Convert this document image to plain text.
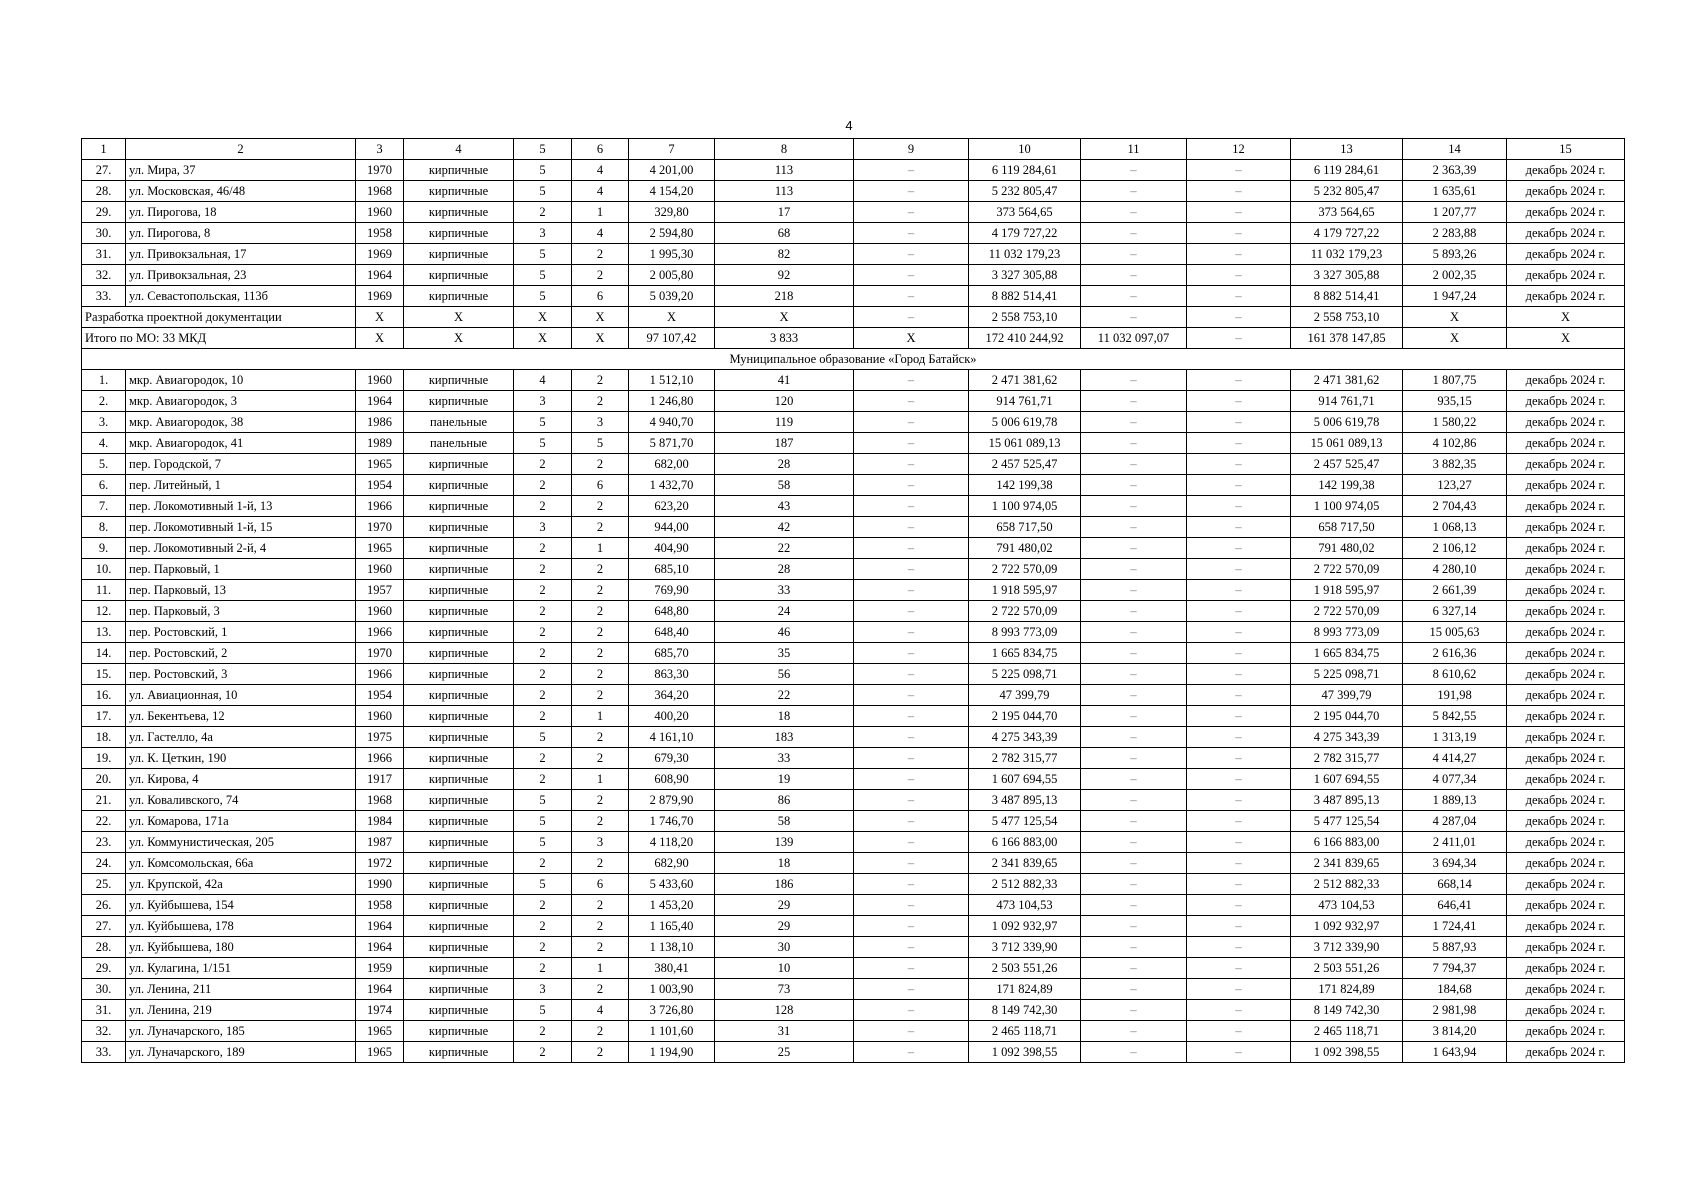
4
1	2	3	4	5	6	7	8	9	10	11	12	13	14	15
27.	ул. Мира, 37	1970	кирпичные	5	4	4 201,00	113	–	6 119 284,61	–	–	6 119 284,61	2 363,39	декабрь 2024 г.
28.	ул. Московская, 46/48	1968	кирпичные	5	4	4 154,20	113	–	5 232 805,47	–	–	5 232 805,47	1 635,61	декабрь 2024 г.
29.	ул. Пирогова, 18	1960	кирпичные	2	1	329,80	17	–	373 564,65	–	–	373 564,65	1 207,77	декабрь 2024 г.
30.	ул. Пирогова, 8	1958	кирпичные	3	4	2 594,80	68	–	4 179 727,22	–	–	4 179 727,22	2 283,88	декабрь 2024 г.
31.	ул. Привокзальная, 17	1969	кирпичные	5	2	1 995,30	82	–	11 032 179,23	–	–	11 032 179,23	5 893,26	декабрь 2024 г.
32.	ул. Привокзальная, 23	1964	кирпичные	5	2	2 005,80	92	–	3 327 305,88	–	–	3 327 305,88	2 002,35	декабрь 2024 г.
33.	ул. Севастопольская, 113б	1969	кирпичные	5	6	5 039,20	218	–	8 882 514,41	–	–	8 882 514,41	1 947,24	декабрь 2024 г.
Разработка проектной документации		X	X	X	X	X	X	–	2 558 753,10	–	–	2 558 753,10	X	X
Итого по МО: 33 МКД		X	X	X	X	97 107,42	3 833	X	172 410 244,92	11 032 097,07	–	161 378 147,85	X	X
Муниципальное образование «Город Батайск»														
1.	мкр. Авиагородок, 10	1960	кирпичные	4	2	1 512,10	41	–	2 471 381,62	–	–	2 471 381,62	1 807,75	декабрь 2024 г.
2.	мкр. Авиагородок, 3	1964	кирпичные	3	2	1 246,80	120	–	914 761,71	–	–	914 761,71	935,15	декабрь 2024 г.
3.	мкр. Авиагородок, 38	1986	панельные	5	3	4 940,70	119	–	5 006 619,78	–	–	5 006 619,78	1 580,22	декабрь 2024 г.
4.	мкр. Авиагородок, 41	1989	панельные	5	5	5 871,70	187	–	15 061 089,13	–	–	15 061 089,13	4 102,86	декабрь 2024 г.
5.	пер. Городской, 7	1965	кирпичные	2	2	682,00	28	–	2 457 525,47	–	–	2 457 525,47	3 882,35	декабрь 2024 г.
6.	пер. Литейный, 1	1954	кирпичные	2	6	1 432,70	58	–	142 199,38	–	–	142 199,38	123,27	декабрь 2024 г.
7.	пер. Локомотивный 1-й, 13	1966	кирпичные	2	2	623,20	43	–	1 100 974,05	–	–	1 100 974,05	2 704,43	декабрь 2024 г.
8.	пер. Локомотивный 1-й, 15	1970	кирпичные	3	2	944,00	42	–	658 717,50	–	–	658 717,50	1 068,13	декабрь 2024 г.
9.	пер. Локомотивный 2-й, 4	1965	кирпичные	2	1	404,90	22	–	791 480,02	–	–	791 480,02	2 106,12	декабрь 2024 г.
10.	пер. Парковый, 1	1960	кирпичные	2	2	685,10	28	–	2 722 570,09	–	–	2 722 570,09	4 280,10	декабрь 2024 г.
11.	пер. Парковый, 13	1957	кирпичные	2	2	769,90	33	–	1 918 595,97	–	–	1 918 595,97	2 661,39	декабрь 2024 г.
12.	пер. Парковый, 3	1960	кирпичные	2	2	648,80	24	–	2 722 570,09	–	–	2 722 570,09	6 327,14	декабрь 2024 г.
13.	пер. Ростовский, 1	1966	кирпичные	2	2	648,40	46	–	8 993 773,09	–	–	8 993 773,09	15 005,63	декабрь 2024 г.
14.	пер. Ростовский, 2	1970	кирпичные	2	2	685,70	35	–	1 665 834,75	–	–	1 665 834,75	2 616,36	декабрь 2024 г.
15.	пер. Ростовский, 3	1966	кирпичные	2	2	863,30	56	–	5 225 098,71	–	–	5 225 098,71	8 610,62	декабрь 2024 г.
16.	ул. Авиационная, 10	1954	кирпичные	2	2	364,20	22	–	47 399,79	–	–	47 399,79	191,98	декабрь 2024 г.
17.	ул. Бекентьева, 12	1960	кирпичные	2	1	400,20	18	–	2 195 044,70	–	–	2 195 044,70	5 842,55	декабрь 2024 г.
18.	ул. Гастелло, 4а	1975	кирпичные	5	2	4 161,10	183	–	4 275 343,39	–	–	4 275 343,39	1 313,19	декабрь 2024 г.
19.	ул. К. Цеткин, 190	1966	кирпичные	2	2	679,30	33	–	2 782 315,77	–	–	2 782 315,77	4 414,27	декабрь 2024 г.
20.	ул. Кирова, 4	1917	кирпичные	2	1	608,90	19	–	1 607 694,55	–	–	1 607 694,55	4 077,34	декабрь 2024 г.
21.	ул. Коваливского, 74	1968	кирпичные	5	2	2 879,90	86	–	3 487 895,13	–	–	3 487 895,13	1 889,13	декабрь 2024 г.
22.	ул. Комарова, 171а	1984	кирпичные	5	2	1 746,70	58	–	5 477 125,54	–	–	5 477 125,54	4 287,04	декабрь 2024 г.
23.	ул. Коммунистическая, 205	1987	кирпичные	5	3	4 118,20	139	–	6 166 883,00	–	–	6 166 883,00	2 411,01	декабрь 2024 г.
24.	ул. Комсомольская, 66а	1972	кирпичные	2	2	682,90	18	–	2 341 839,65	–	–	2 341 839,65	3 694,34	декабрь 2024 г.
25.	ул. Крупской, 42а	1990	кирпичные	5	6	5 433,60	186	–	2 512 882,33	–	–	2 512 882,33	668,14	декабрь 2024 г.
26.	ул. Куйбышева, 154	1958	кирпичные	2	2	1 453,20	29	–	473 104,53	–	–	473 104,53	646,41	декабрь 2024 г.
27.	ул. Куйбышева, 178	1964	кирпичные	2	2	1 165,40	29	–	1 092 932,97	–	–	1 092 932,97	1 724,41	декабрь 2024 г.
28.	ул. Куйбышева, 180	1964	кирпичные	2	2	1 138,10	30	–	3 712 339,90	–	–	3 712 339,90	5 887,93	декабрь 2024 г.
29.	ул. Кулагина, 1/151	1959	кирпичные	2	1	380,41	10	–	2 503 551,26	–	–	2 503 551,26	7 794,37	декабрь 2024 г.
30.	ул. Ленина, 211	1964	кирпичные	3	2	1 003,90	73	–	171 824,89	–	–	171 824,89	184,68	декабрь 2024 г.
31.	ул. Ленина, 219	1974	кирпичные	5	4	3 726,80	128	–	8 149 742,30	–	–	8 149 742,30	2 981,98	декабрь 2024 г.
32.	ул. Луначарского, 185	1965	кирпичные	2	2	1 101,60	31	–	2 465 118,71	–	–	2 465 118,71	3 814,20	декабрь 2024 г.
33.	ул. Луначарского, 189	1965	кирпичные	2	2	1 194,90	25	–	1 092 398,55	–	–	1 092 398,55	1 643,94	декабрь 2024 г.
